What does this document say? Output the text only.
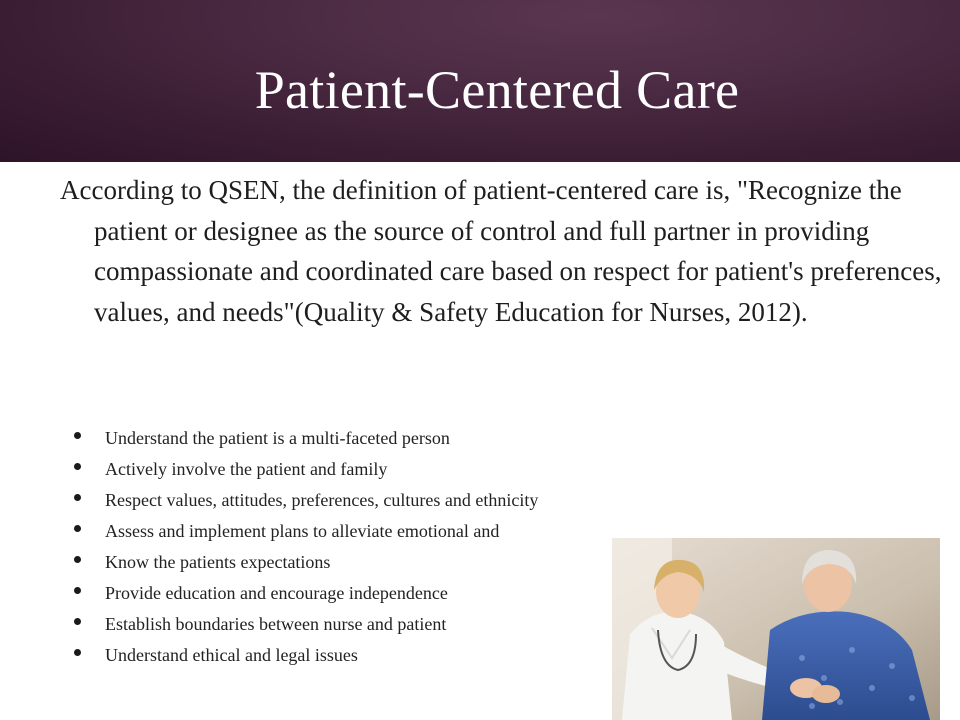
Patient-Centered Care
According to QSEN, the definition of patient-centered care is, "Recognize the patient or designee as the source of control and full partner in providing compassionate and coordinated care based on respect for patient's preferences, values, and needs"(Quality & Safety Education for Nurses, 2012).
Understand the patient is a multi-faceted person
Actively involve the patient and family
Respect values, attitudes, preferences, cultures and ethnicity
Assess and implement plans to alleviate emotional and
Know the patients expectations
Provide education and encourage independence
Establish boundaries between nurse and patient
Understand ethical and legal issues
